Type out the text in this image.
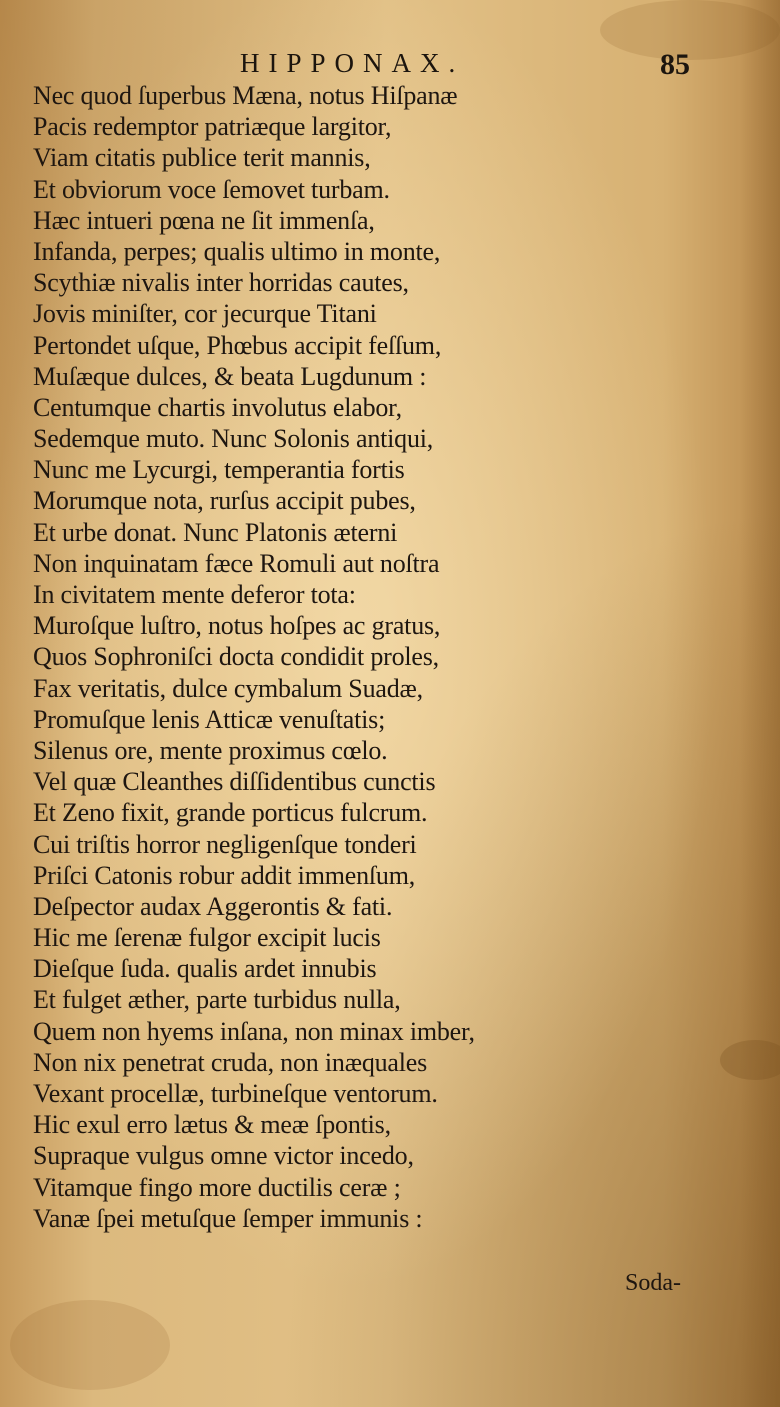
HIPPONAX.	85
Nec quod ſuperbus Mæna, notus Hiſpanæ
Pacis redemptor patriæque largitor,
Viam citatis publice terit mannis,
Et obviorum voce ſemovet turbam.
Hæc intueri pœna ne ſit immenſa,
Infanda, perpes; qualis ultimo in monte,
Scythiæ nivalis inter horridas cautes,
Jovis miniſter, cor jecurque Titani
Pertondet uſque, Phœbus accipit feſſum,
Muſæque dulces, & beata Lugdunum :
Centumque chartis involutus elabor,
Sedemque muto. Nunc Solonis antiqui,
Nunc me Lycurgi, temperantia fortis
Morumque nota, rurſus accipit pubes,
Et urbe donat. Nunc Platonis æterni
Non inquinatam fæce Romuli aut noſtra
In civitatem mente deferor tota:
Muroſque luſtro, notus hoſpes ac gratus,
Quos Sophroniſci docta condidit proles,
Fax veritatis, dulce cymbalum Suadæ,
Promuſque lenis Atticæ venuſtatis;
Silenus ore, mente proximus cœlo.
Vel quæ Cleanthes diſſidentibus cunctis
Et Zeno fixit, grande porticus fulcrum.
Cui triſtis horror negligenſque tonderi
Priſci Catonis robur addit immenſum,
Deſpector audax Aggerontis & fati.
Hic me ſerenæ fulgor excipit lucis
Dieſque ſuda. qualis ardet innubis
Et fulget æther, parte turbidus nulla,
Quem non hyems inſana, non minax imber,
Non nix penetrat cruda, non inæquales
Vexant procellæ, turbineſque ventorum.
Hic exul erro lætus & meæ ſpontis,
Supraque vulgus omne victor incedo,
Vitamque fingo more ductilis ceræ ;
Vanæ ſpei metuſque ſemper immunis :
Soda-
